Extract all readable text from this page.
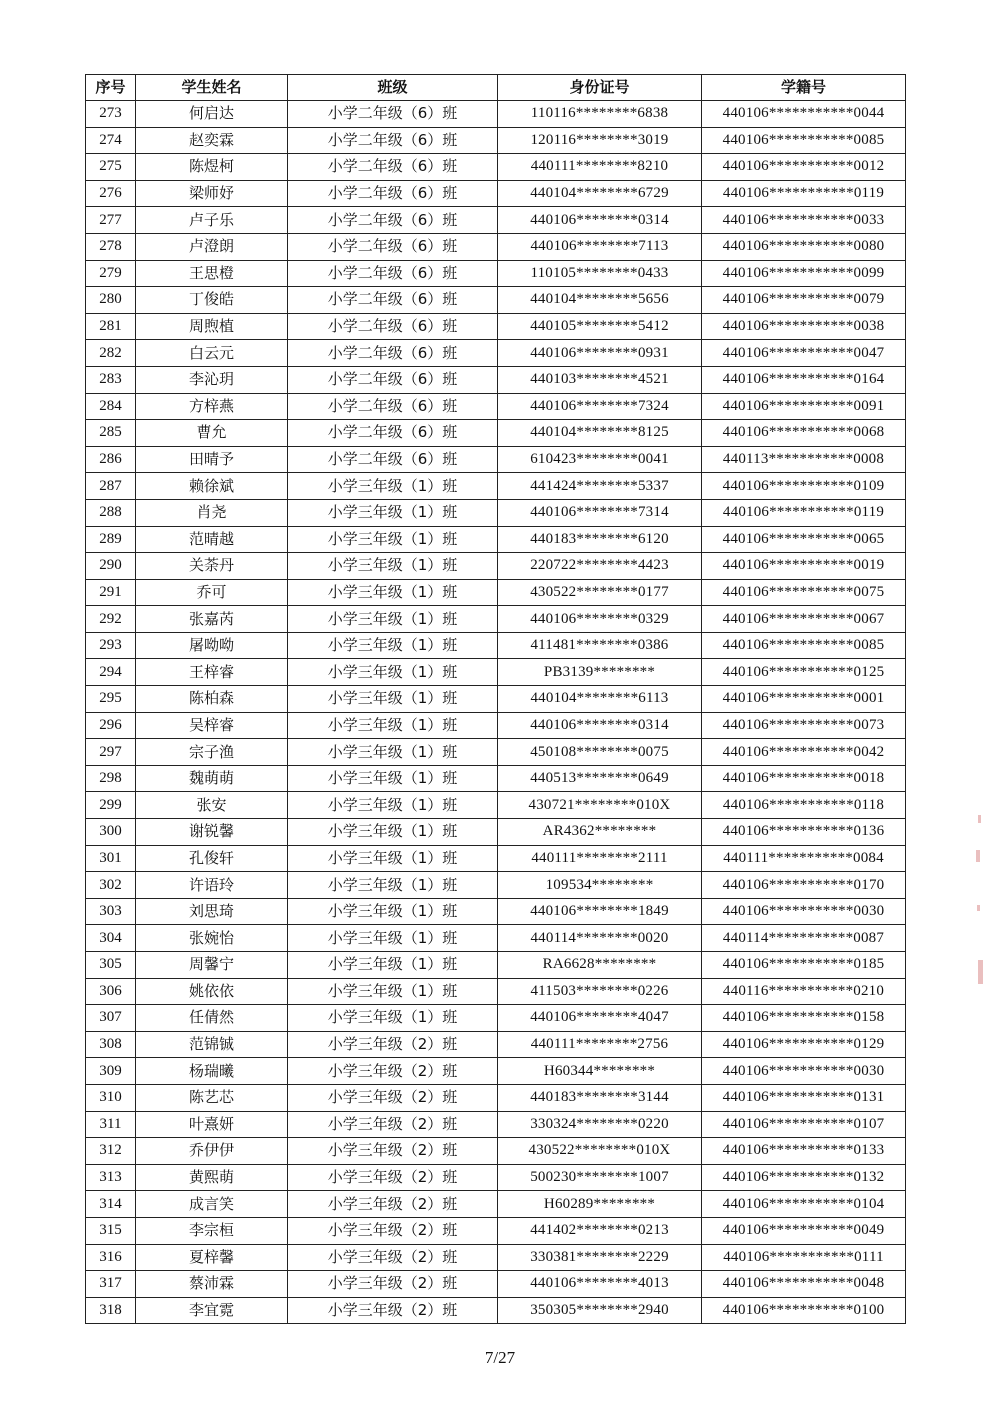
序号	学生姓名	班级	身份证号	学籍号
273	何启达	小学二年级（6）班	110116********6838	440106***********0044
274	赵奕霖	小学二年级（6）班	120116********3019	440106***********0085
275	陈煜柯	小学二年级（6）班	440111********8210	440106***********0012
276	梁师妤	小学二年级（6）班	440104********6729	440106***********0119
277	卢子乐	小学二年级（6）班	440106********0314	440106***********0033
278	卢澄朗	小学二年级（6）班	440106********7113	440106***********0080
279	王思橙	小学二年级（6）班	110105********0433	440106***********0099
280	丁俊皓	小学二年级（6）班	440104********5656	440106***********0079
281	周煦植	小学二年级（6）班	440105********5412	440106***********0038
282	白云元	小学二年级（6）班	440106********0931	440106***********0047
283	李沁玥	小学二年级（6）班	440103********4521	440106***********0164
284	方梓燕	小学二年级（6）班	440106********7324	440106***********0091
285	曹允	小学二年级（6）班	440104********8125	440106***********0068
286	田晴予	小学二年级（6）班	610423********0041	440113***********0008
287	赖徐斌	小学三年级（1）班	441424********5337	440106***********0109
288	肖尧	小学三年级（1）班	440106********7314	440106***********0119
289	范晴越	小学三年级（1）班	440183********6120	440106***********0065
290	关荼丹	小学三年级（1）班	220722********4423	440106***********0019
291	乔可	小学三年级（1）班	430522********0177	440106***********0075
292	张嘉芮	小学三年级（1）班	440106********0329	440106***********0067
293	屠呦呦	小学三年级（1）班	411481********0386	440106***********0085
294	王梓睿	小学三年级（1）班	PB3139********	440106***********0125
295	陈柏森	小学三年级（1）班	440104********6113	440106***********0001
296	吴梓睿	小学三年级（1）班	440106********0314	440106***********0073
297	宗子渔	小学三年级（1）班	450108********0075	440106***********0042
298	魏萌萌	小学三年级（1）班	440513********0649	440106***********0018
299	张安	小学三年级（1）班	430721********010X	440106***********0118
300	谢锐馨	小学三年级（1）班	AR4362********	440106***********0136
301	孔俊轩	小学三年级（1）班	440111********2111	440111***********0084
302	许语玲	小学三年级（1）班	109534********	440106***********0170
303	刘思琦	小学三年级（1）班	440106********1849	440106***********0030
304	张婉怡	小学三年级（1）班	440114********0020	440114***********0087
305	周馨宁	小学三年级（1）班	RA6628********	440106***********0185
306	姚依依	小学三年级（1）班	411503********0226	440116***********0210
307	任倩然	小学三年级（1）班	440106********4047	440106***********0158
308	范锦铖	小学三年级（2）班	440111********2756	440106***********0129
309	杨瑞曦	小学三年级（2）班	H60344********	440106***********0030
310	陈艺芯	小学三年级（2）班	440183********3144	440106***********0131
311	叶熹妍	小学三年级（2）班	330324********0220	440106***********0107
312	乔伊伊	小学三年级（2）班	430522********010X	440106***********0133
313	黄熙萌	小学三年级（2）班	500230********1007	440106***********0132
314	成言笑	小学三年级（2）班	H60289********	440106***********0104
315	李宗桓	小学三年级（2）班	441402********0213	440106***********0049
316	夏梓馨	小学三年级（2）班	330381********2229	440106***********0111
317	蔡沛霖	小学三年级（2）班	440106********4013	440106***********0048
318	李宜霓	小学三年级（2）班	350305********2940	440106***********0100
7/27
